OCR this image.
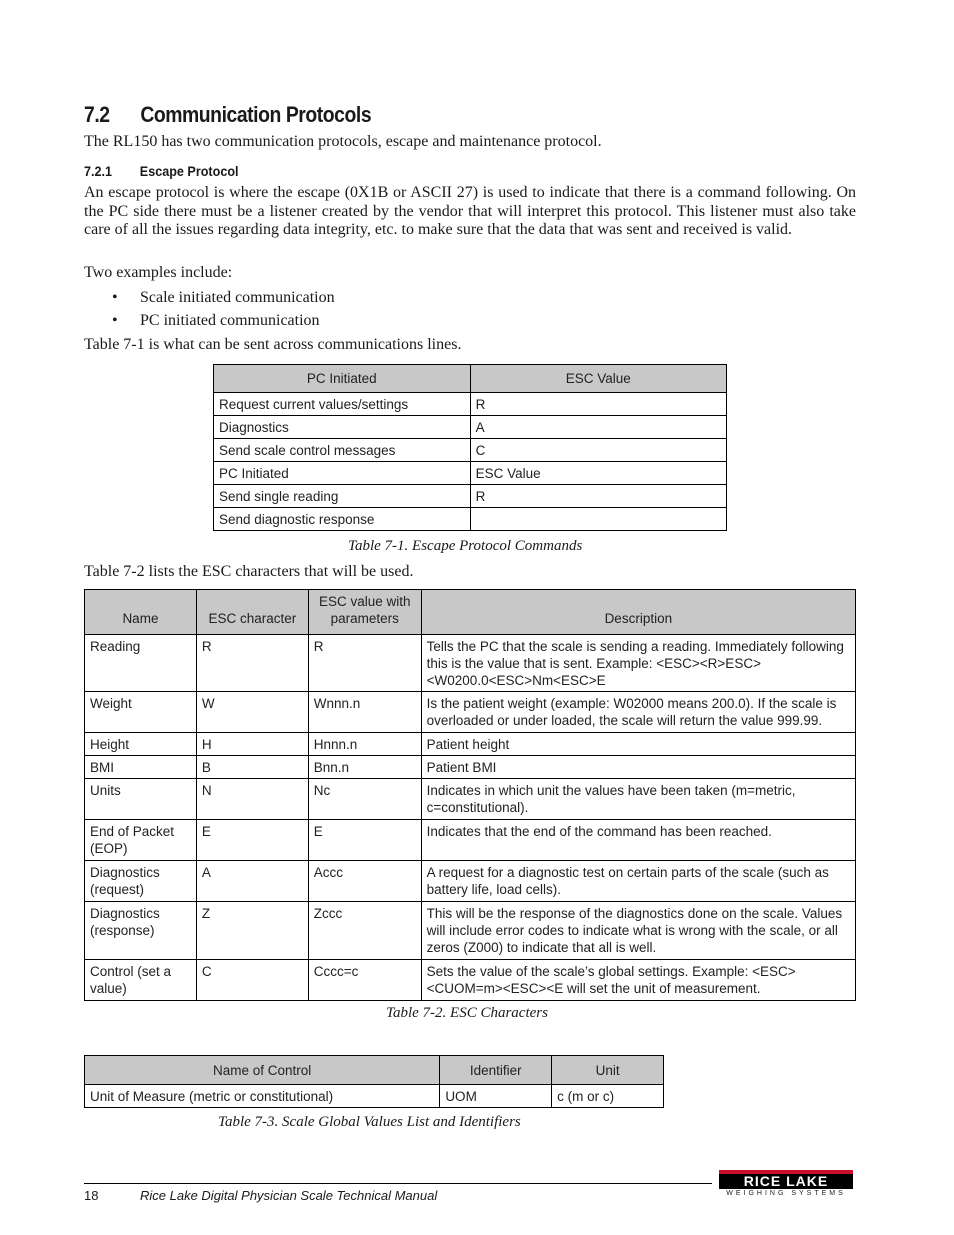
7.2 Communication Protocols
The RL150 has two communication protocols, escape and maintenance protocol.
7.2.1 Escape Protocol
An escape protocol is where the escape (0X1B or ASCII 27) is used to indicate that there is a command following. On the PC side there must be a listener created by the vendor that will interpret this protocol. This listener must also take care of all the issues regarding data integrity, etc. to make sure that the data that was sent and received is valid.
Two examples include:
• Scale initiated communication
• PC initiated communication
Table 7-1 is what can be sent across communications lines.
PC Initiated	ESC Value
Request current values/settings	R
Diagnostics	A
Send scale control messages	C
PC Initiated	ESC Value
Send single reading	R
Send diagnostic response	
Table 7-1. Escape Protocol Commands
Table 7-2 lists the ESC characters that will be used.
Name	ESC character	ESC value with parameters	Description
Reading	R	R	Tells the PC that the scale is sending a reading. Immediately following this is the value that is sent. Example: <ESC><R>ESC><W0200.0<ESC>Nm<ESC>E
Weight	W	Wnnn.n	Is the patient weight (example: W02000 means 200.0). If the scale is overloaded or under loaded, the scale will return the value 999.99.
Height	H	Hnnn.n	Patient height
BMI	B	Bnn.n	Patient BMI
Units	N	Nc	Indicates in which unit the values have been taken (m=metric, c=constitutional).
End of Packet (EOP)	E	E	Indicates that the end of the command has been reached.
Diagnostics (request)	A	Accc	A request for a diagnostic test on certain parts of the scale (such as battery life, load cells).
Diagnostics (response)	Z	Zccc	This will be the response of the diagnostics done on the scale. Values will include error codes to indicate what is wrong with the scale, or all zeros (Z000) to indicate that all is well.
Control (set a value)	C	Cccc=c	Sets the value of the scale’s global settings. Example: <ESC><CUOM=m><ESC><E will set the unit of measurement.
Table 7-2. ESC Characters
Name of Control	Identifier	Unit
Unit of Measure (metric or constitutional)	UOM	c (m or c)
Table 7-3. Scale Global Values List and Identifiers
18	Rice Lake Digital Physician Scale Technical Manual
RICE LAKE
WEIGHING SYSTEMS
